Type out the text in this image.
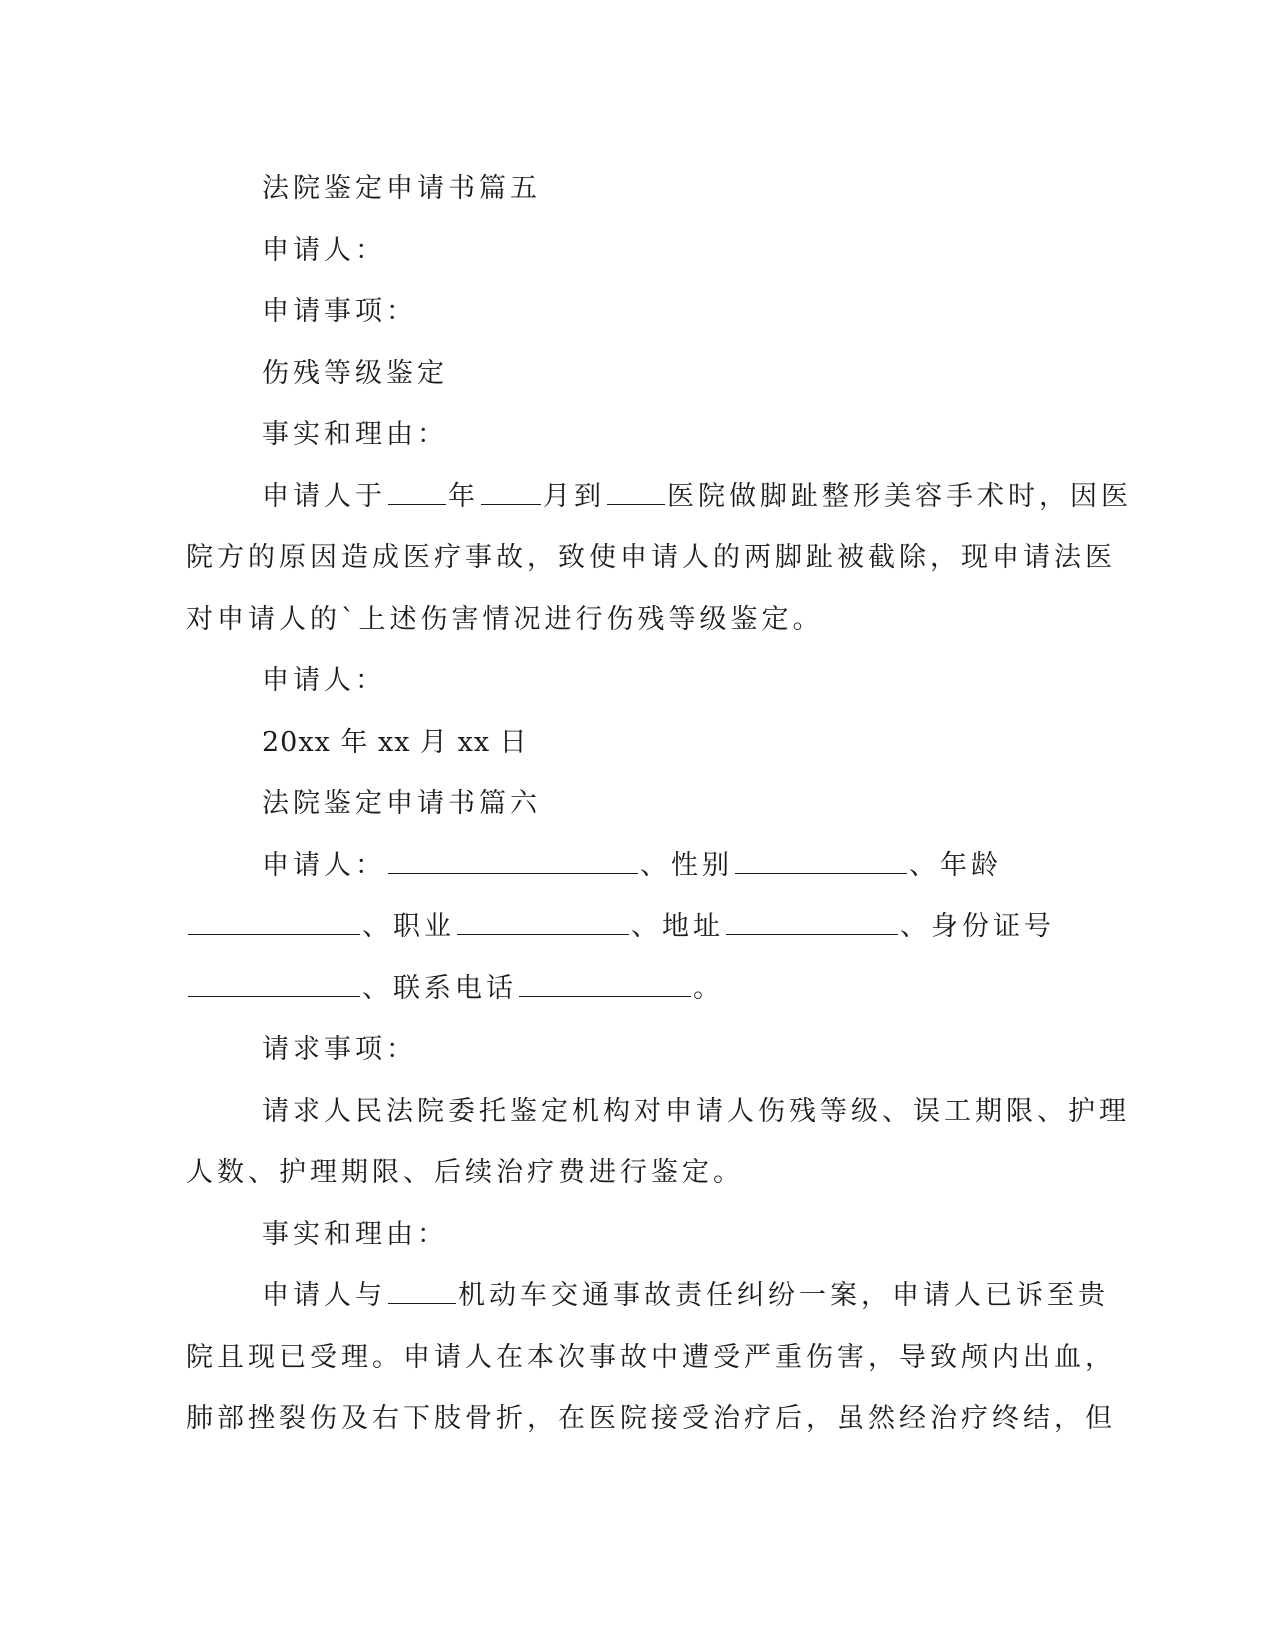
法院鉴定申请书篇五
申请人：
申请事项：
伤残等级鉴定
事实和理由：
申请人于 年 月到 医院做脚趾整形美容手术时，因医
院方的原因造成医疗事故，致使申请人的两脚趾被截除，现申请法医
对申请人的`上述伤害情况进行伤残等级鉴定。
申请人：
20xx 年 xx 月 xx 日
法院鉴定申请书篇六
申请人：	、性别	、年龄
、职业	、地址	、身份证号
、联系电话	。
请求事项：
请求人民法院委托鉴定机构对申请人伤残等级、误工期限、护理
人数、护理期限、后续治疗费进行鉴定。
事实和理由：
申请人与	机动车交通事故责任纠纷一案，申请人已诉至贵
院且现已受理。申请人在本次事故中遭受严重伤害，导致颅内出血，
肺部挫裂伤及右下肢骨折，在医院接受治疗后，虽然经治疗终结，但
